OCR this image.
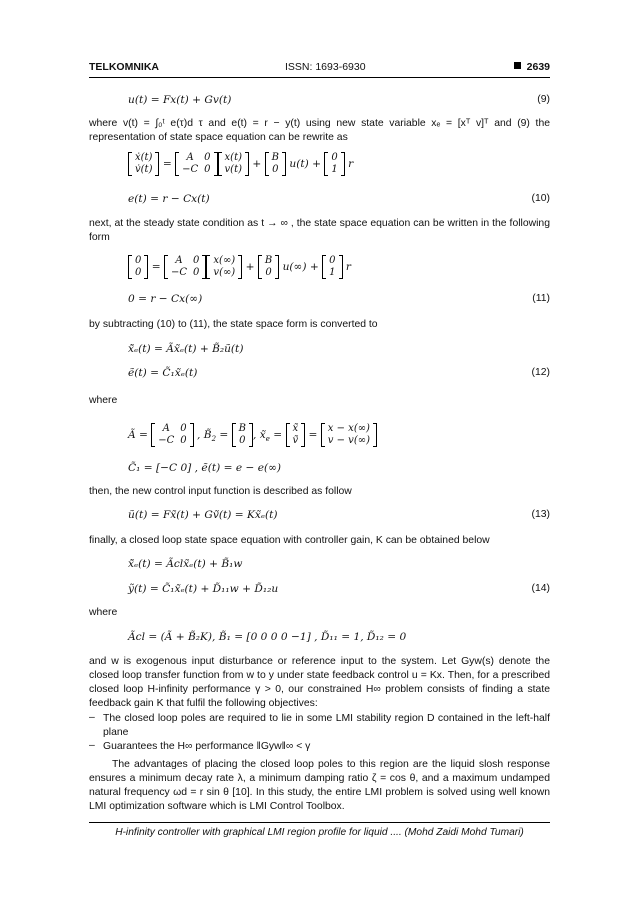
TELKOMNIKA	ISSN: 1693-6930	2639
u(t) = Fx(t) + Gv(t)	(9)
where v(t) = ∫₀ᵗ e(τ)d τ and e(t) = r − y(t) using new state variable xₑ = [xᵀ v]ᵀ and (9) the representation of state space equation can be rewrite as
ẋ(t)
v̇(t) =
A	0
−C	0
x(t)
v(t) +
B
0 u(t) +
0
1 r
e(t) = r − Cx(t)	(10)
next, at the steady state condition as t → ∞ , the state space equation can be written in the following form
0
0 =
A	0
−C	0
x(∞)
v(∞) +
B
0 u(∞) +
0
1 r
0 = r − Cx(∞)	(11)
by subtracting (10) to (11), the state space form is converted to
x̃̇ₑ(t) = Ãx̃ₑ(t) + B̃₂ũ(t)
ẽ(t) = C̃₁x̃ₑ(t)	(12)
where
Ã =
A	0
−C	0 , $B̃_2$ =
B
0 , $x̃_e$ =
x̃
ṽ =
x − x(∞)
v − v(∞)
C̃₁ = [−C 0] , ẽ(t) = e − e(∞)
then, the new control input function is described as follow
ũ(t) = Fx̃(t) + Gṽ(t) = Kx̃ₑ(t)	(13)
finally, a closed loop state space equation with controller gain, K can be obtained below
x̃̇ₑ(t) = Ãclx̃ₑ(t) + B̃₁w
ỹ(t) = C̃₁x̃ₑ(t) + D̃₁₁w + D̃₁₂u	(14)
where
Ãcl = (Ã + B̃₂K), B̃₁ = [0 0 0 0 −1] , D̃₁₁ = 1, D̃₁₂ = 0
and w is exogenous input disturbance or reference input to the system. Let Gyw(s) denote the closed loop transfer function from w to y under state feedback control u = Kx. Then, for a prescribed closed loop H-infinity performance γ > 0, our constrained H∞ problem consists of finding a state feedback gain K that fulfil the following objectives:
– The closed loop poles are required to lie in some LMI stability region D contained in the left-half plane
– Guarantees the H∞ performance ‖Gyw‖∞ < γ
The advantages of placing the closed loop poles to this region are the liquid slosh response ensures a minimum decay rate λ, a minimum damping ratio ζ = cos θ, and a maximum undamped natural frequency ωd = r sin θ [10]. In this study, the entire LMI problem is solved using well known LMI optimization software which is LMI Control Toolbox.
H-infinity controller with graphical LMI region profile for liquid .... (Mohd Zaidi Mohd Tumari)
